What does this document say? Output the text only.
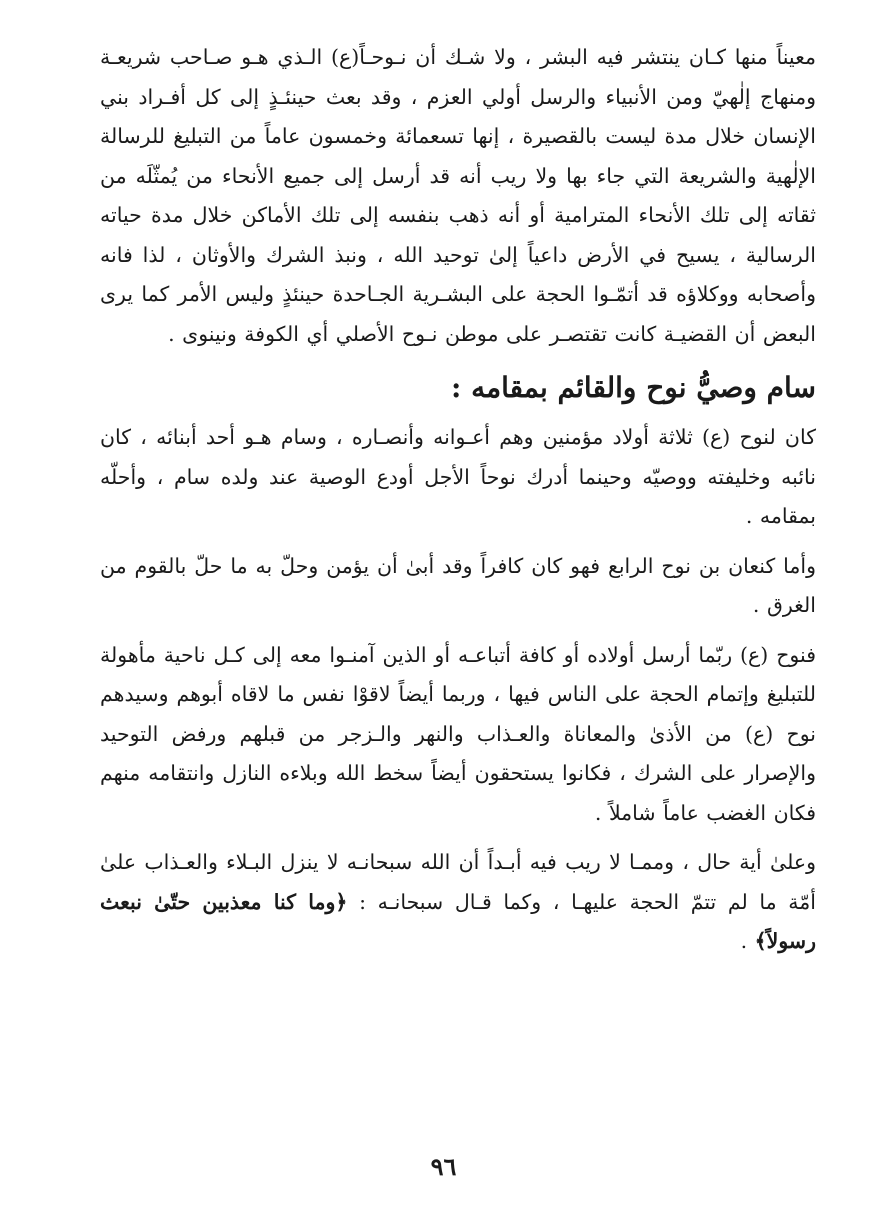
معيناً منها كـان ينتشر فيه البشر ، ولا شـك أن نـوحـاً(ع) الـذي هـو صـاحب شريعـة ومنهاج إلٰهيّ ومن الأنبياء والرسل أولي العزم ، وقد بعث حينئـذٍ إلى كل أفـراد بني الإنسان خلال مدة ليست بالقصيرة ، إنها تسعمائة وخمسون عاماً من التبليغ للرسالة الإلٰهية والشريعة التي جاء بها ولا ريب أنه قد أرسل إلى جميع الأنحاء من يُمثّلَه من ثقاته إلى تلك الأنحاء المترامية أو أنه ذهب بنفسه إلى تلك الأماكن خلال مدة حياته الرسالية ، يسيح في الأرض داعياً إلىٰ توحيد الله ، ونبذ الشرك والأوثان ، لذا فانه وأصحابه ووكلاؤه قد أتمّـوا الحجة على البشـرية الجـاحدة حينئذٍ وليس الأمر كما يرى البعض أن القضيـة كانت تقتصـر على موطن نـوح الأصلي أي الكوفة ونينوى .

سام وصيُّ نوح والقائم بمقامه :

كان لنوح (ع) ثلاثة أولاد مؤمنين وهم أعـوانه وأنصـاره ، وسام هـو أحد أبنائه ، كان نائبه وخليفته ووصيّه وحينما أدرك نوحاً الأجل أودع الوصية عند ولده سام ، وأحلّه بمقامه .

وأما كنعان بن نوح الرابع فهو كان كافراً وقد أبىٰ أن يؤمن وحلّ به ما حلّ بالقوم من الغرق .

فنوح (ع) ربّما أرسل أولاده أو كافة أتباعـه أو الذين آمنـوا معه إلى كـل ناحية مأهولة للتبليغ وإتمام الحجة على الناس فيها ، وربما أيضاً لاقوْا نفس ما لاقاه أبوهم وسيدهم نوح (ع) من الأذىٰ والمعاناة والعـذاب والنهر والـزجر من قبلهم ورفض التوحيد والإصرار على الشرك ، فكانوا يستحقون أيضاً سخط الله وبلاءه النازل وانتقامه منهم فكان الغضب عاماً شاملاً .

وعلىٰ أية حال ، وممـا لا ريب فيه أبـداً أن الله سبحانـه لا ينزل البـلاء والعـذاب علىٰ أمّة ما لم تتمّ الحجة عليهـا ، وكما قـال سبحانـه : ﴿وما كنا معذبين حتّىٰ نبعث رسولاً﴾ .

٩٦
